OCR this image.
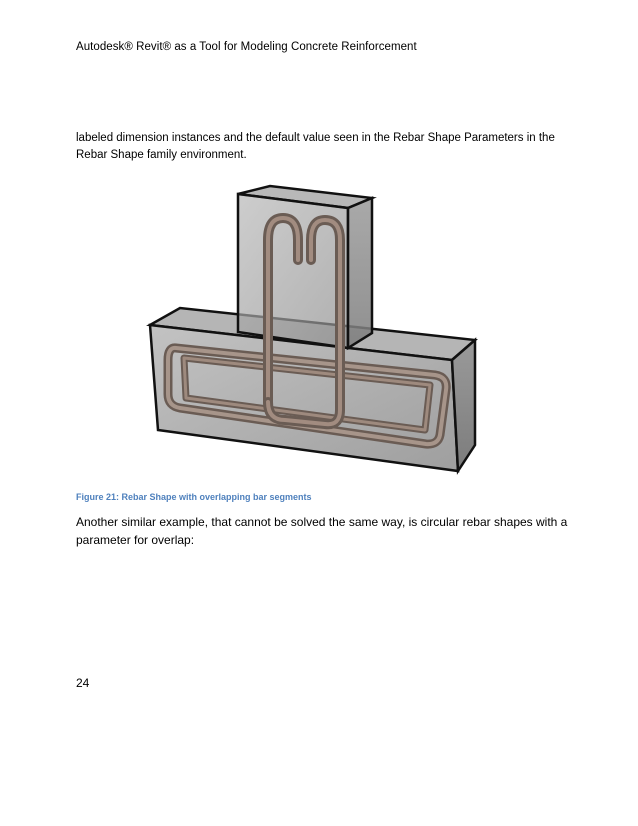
Autodesk® Revit® as a Tool for Modeling Concrete Reinforcement
labeled dimension instances and the default value seen in the Rebar Shape Parameters in the Rebar Shape family environment.
Figure 21: Rebar Shape with overlapping bar segments
Another similar example, that cannot be solved the same way, is circular rebar shapes with a parameter for overlap:
24
